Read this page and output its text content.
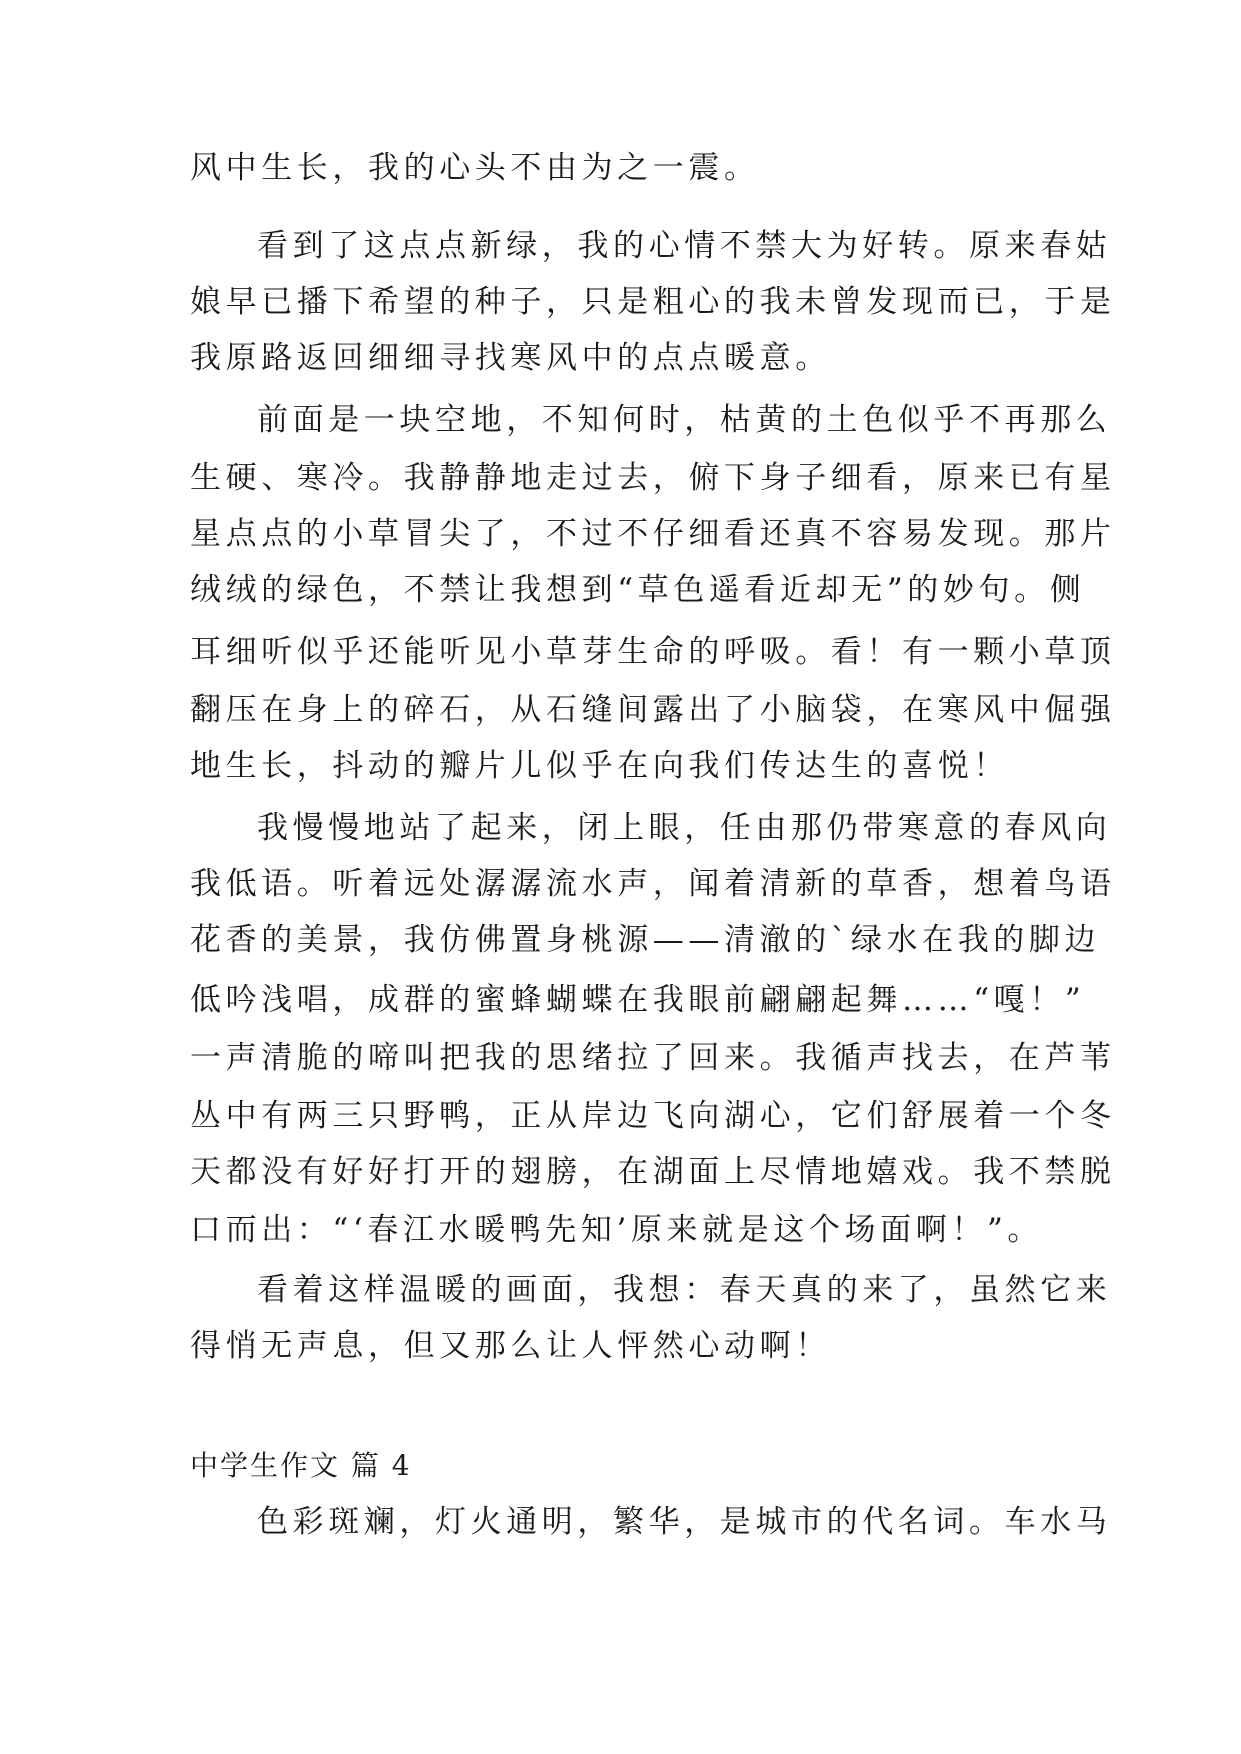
风中生长，我的心头不由为之一震。
看到了这点点新绿，我的心情不禁大为好转。原来春姑
娘早已播下希望的种子，只是粗心的我未曾发现而已，于是
我原路返回细细寻找寒风中的点点暖意。
前面是一块空地，不知何时，枯黄的土色似乎不再那么
生硬、寒冷。我静静地走过去，俯下身子细看，原来已有星
星点点的小草冒尖了，不过不仔细看还真不容易发现。那片
绒绒的绿色，不禁让我想到“草色遥看近却无”的妙句。侧
耳细听似乎还能听见小草芽生命的呼吸。看！有一颗小草顶
翻压在身上的碎石，从石缝间露出了小脑袋，在寒风中倔强
地生长，抖动的瓣片儿似乎在向我们传达生的喜悦！
我慢慢地站了起来，闭上眼，任由那仍带寒意的春风向
我低语。听着远处潺潺流水声，闻着清新的草香，想着鸟语
花香的美景，我仿佛置身桃源——清澈的`绿水在我的脚边
低吟浅唱，成群的蜜蜂蝴蝶在我眼前翩翩起舞……“嘎！”
一声清脆的啼叫把我的思绪拉了回来。我循声找去，在芦苇
丛中有两三只野鸭，正从岸边飞向湖心，它们舒展着一个冬
天都没有好好打开的翅膀，在湖面上尽情地嬉戏。我不禁脱
口而出：“‘春江水暖鸭先知’原来就是这个场面啊！”。
看着这样温暖的画面，我想：春天真的来了，虽然它来
得悄无声息，但又那么让人怦然心动啊！
中学生作文 篇 4
色彩斑斓，灯火通明，繁华，是城市的代名词。车水马
